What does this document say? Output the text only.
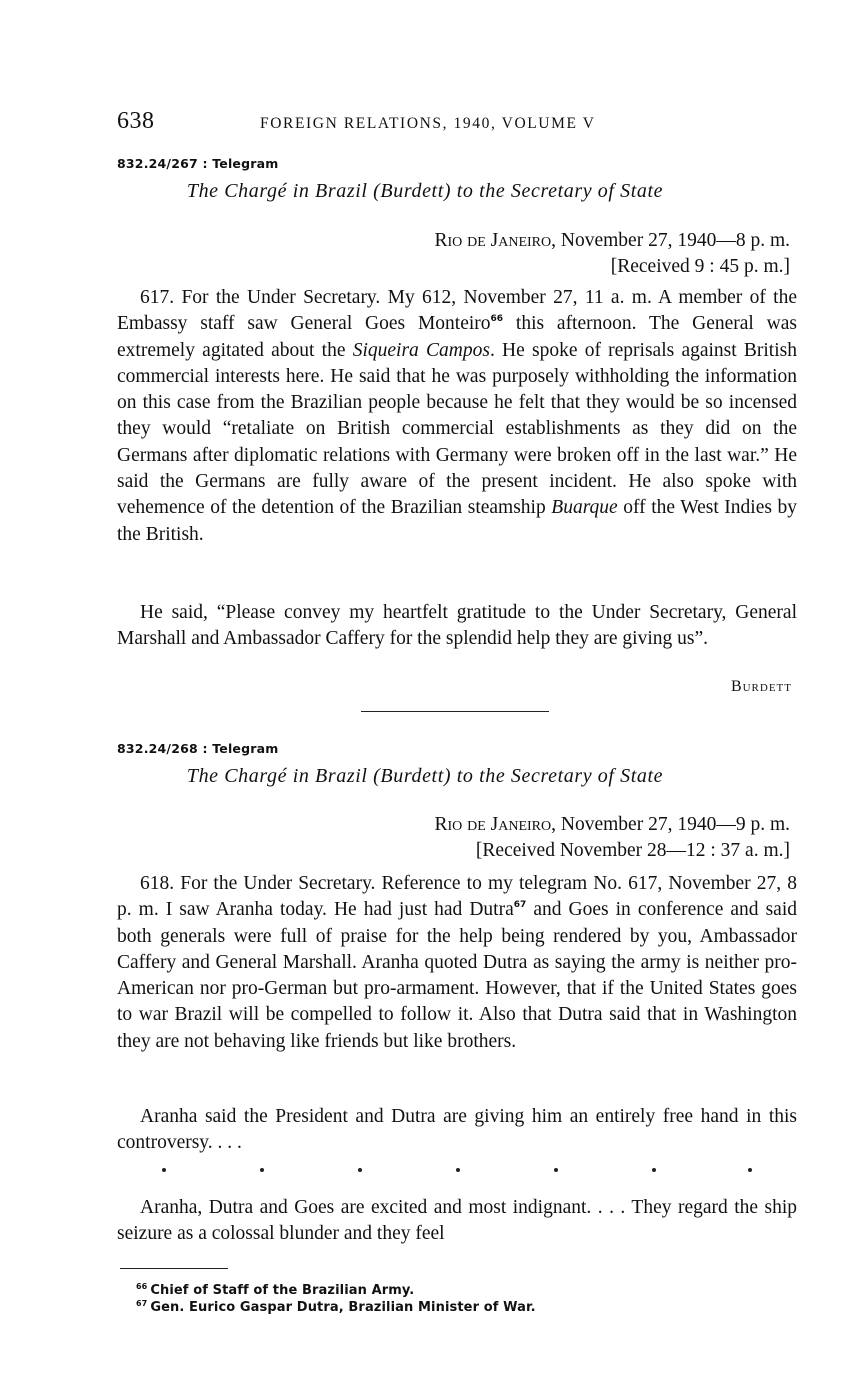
638	FOREIGN RELATIONS, 1940, VOLUME V
832.24/267 : Telegram
The Chargé in Brazil (Burdett) to the Secretary of State
Rio de Janeiro, November 27, 1940—8 p. m.
[Received 9 : 45 p. m.]

617. For the Under Secretary. My 612, November 27, 11 a. m. A member of the Embassy staff saw General Goes Monteiro$^{66}$ this afternoon. The General was extremely agitated about the Siqueira Campos. He spoke of reprisals against British commercial interests here. He said that he was purposely withholding the information on this case from the Brazilian people because he felt that they would be so incensed they would “retaliate on British commercial establishments as they did on the Germans after diplomatic relations with Germany were broken off in the last war.” He said the Germans are fully aware of the present incident. He also spoke with vehemence of the detention of the Brazilian steamship Buarque off the West Indies by the British.

He said, “Please convey my heartfelt gratitude to the Under Secretary, General Marshall and Ambassador Caffery for the splendid help they are giving us”.

Burdett
832.24/268 : Telegram
The Chargé in Brazil (Burdett) to the Secretary of State
Rio de Janeiro, November 27, 1940—9 p. m.
[Received November 28—12 : 37 a. m.]

618. For the Under Secretary. Reference to my telegram No. 617, November 27, 8 p. m. I saw Aranha today. He had just had Dutra$^{67}$ and Goes in conference and said both generals were full of praise for the help being rendered by you, Ambassador Caffery and General Marshall. Aranha quoted Dutra as saying the army is neither pro-American nor pro-German but pro-armament. However, that if the United States goes to war Brazil will be compelled to follow it. Also that Dutra said that in Washington they are not behaving like friends but like brothers.

Aranha said the President and Dutra are giving him an entirely free hand in this controversy. . . .

Aranha, Dutra and Goes are excited and most indignant. . . . They regard the ship seizure as a colossal blunder and they feel

$^{66}$ Chief of Staff of the Brazilian Army.
$^{67}$ Gen. Eurico Gaspar Dutra, Brazilian Minister of War.
